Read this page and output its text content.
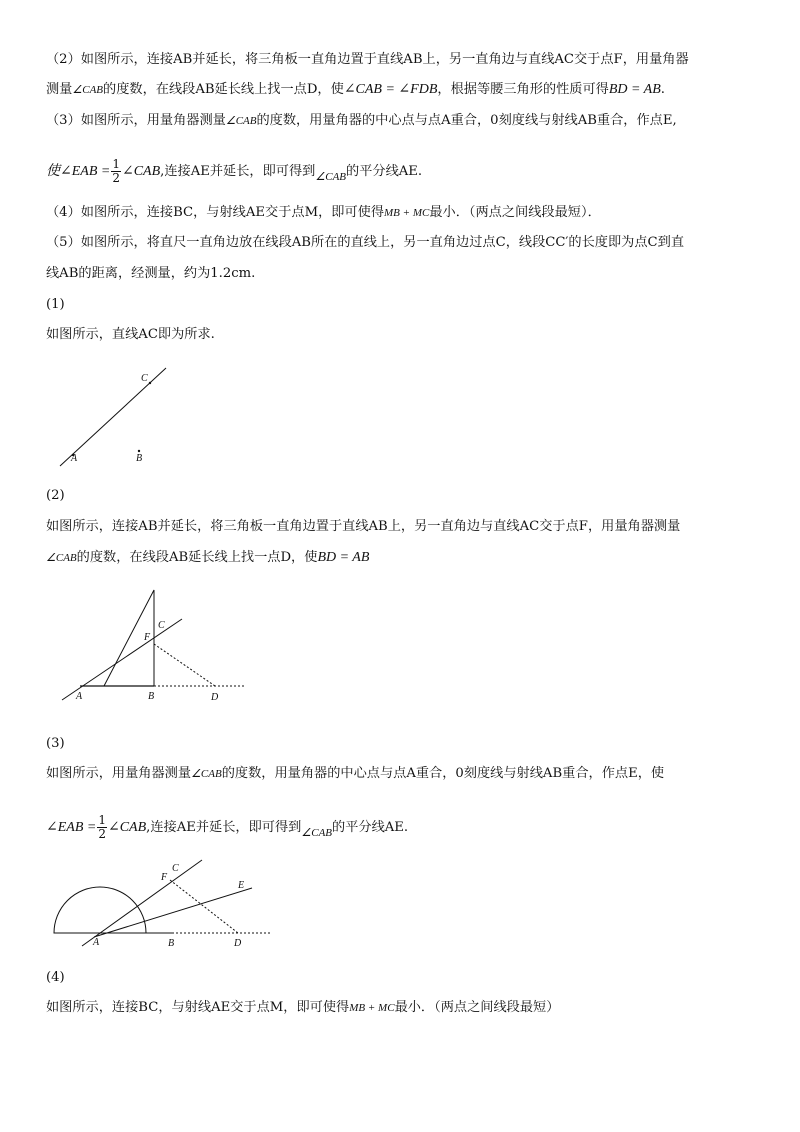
（2）如图所示，连接AB并延长，将三角板一直角边置于直线AB上，另一直角边与直线AC交于点F，用量角器
测量∠CAB的度数，在线段AB延长线上找一点D，使∠CAB = ∠FDB，根据等腰三角形的性质可得BD = AB.
（3）如图所示，用量角器测量∠CAB的度数，用量角器的中心点与点A重合，0刻度线与射线AB重合，作点E,
使∠EAB = $\frac{1}{2}$ ∠CAB,连接AE并延长，即可得到$_{\angle CAB}$的平分线AE.
（4）如图所示，连接BC，与射线AE交于点M，即可使得MB + MC最小．（两点之间线段最短）．
（5）如图所示，将直尺一直角边放在线段AB所在的直线上，另一直角边过点C，线段CC′的长度即为点C到直
线AB的距离，经测量，约为1.2cm.
(1)
如图所示，直线AC即为所求.
C
A	B
(2)
如图所示，连接AB并延长，将三角板一直角边置于直线AB上，另一直角边与直线AC交于点F，用量角器测量
∠CAB的度数，在线段AB延长线上找一点D，使BD = AB
F
C
A	B	D
(3)
如图所示，用量角器测量∠CAB的度数，用量角器的中心点与点A重合，0刻度线与射线AB重合，作点E，使
∠EAB = $\frac{1}{2}$ ∠CAB,连接AE并延长，即可得到$_{\angle CAB}$的平分线AE.
F
C
E
A	B	D
(4)
如图所示，连接BC，与射线AE交于点M，即可使得MB + MC最小．（两点之间线段最短）
